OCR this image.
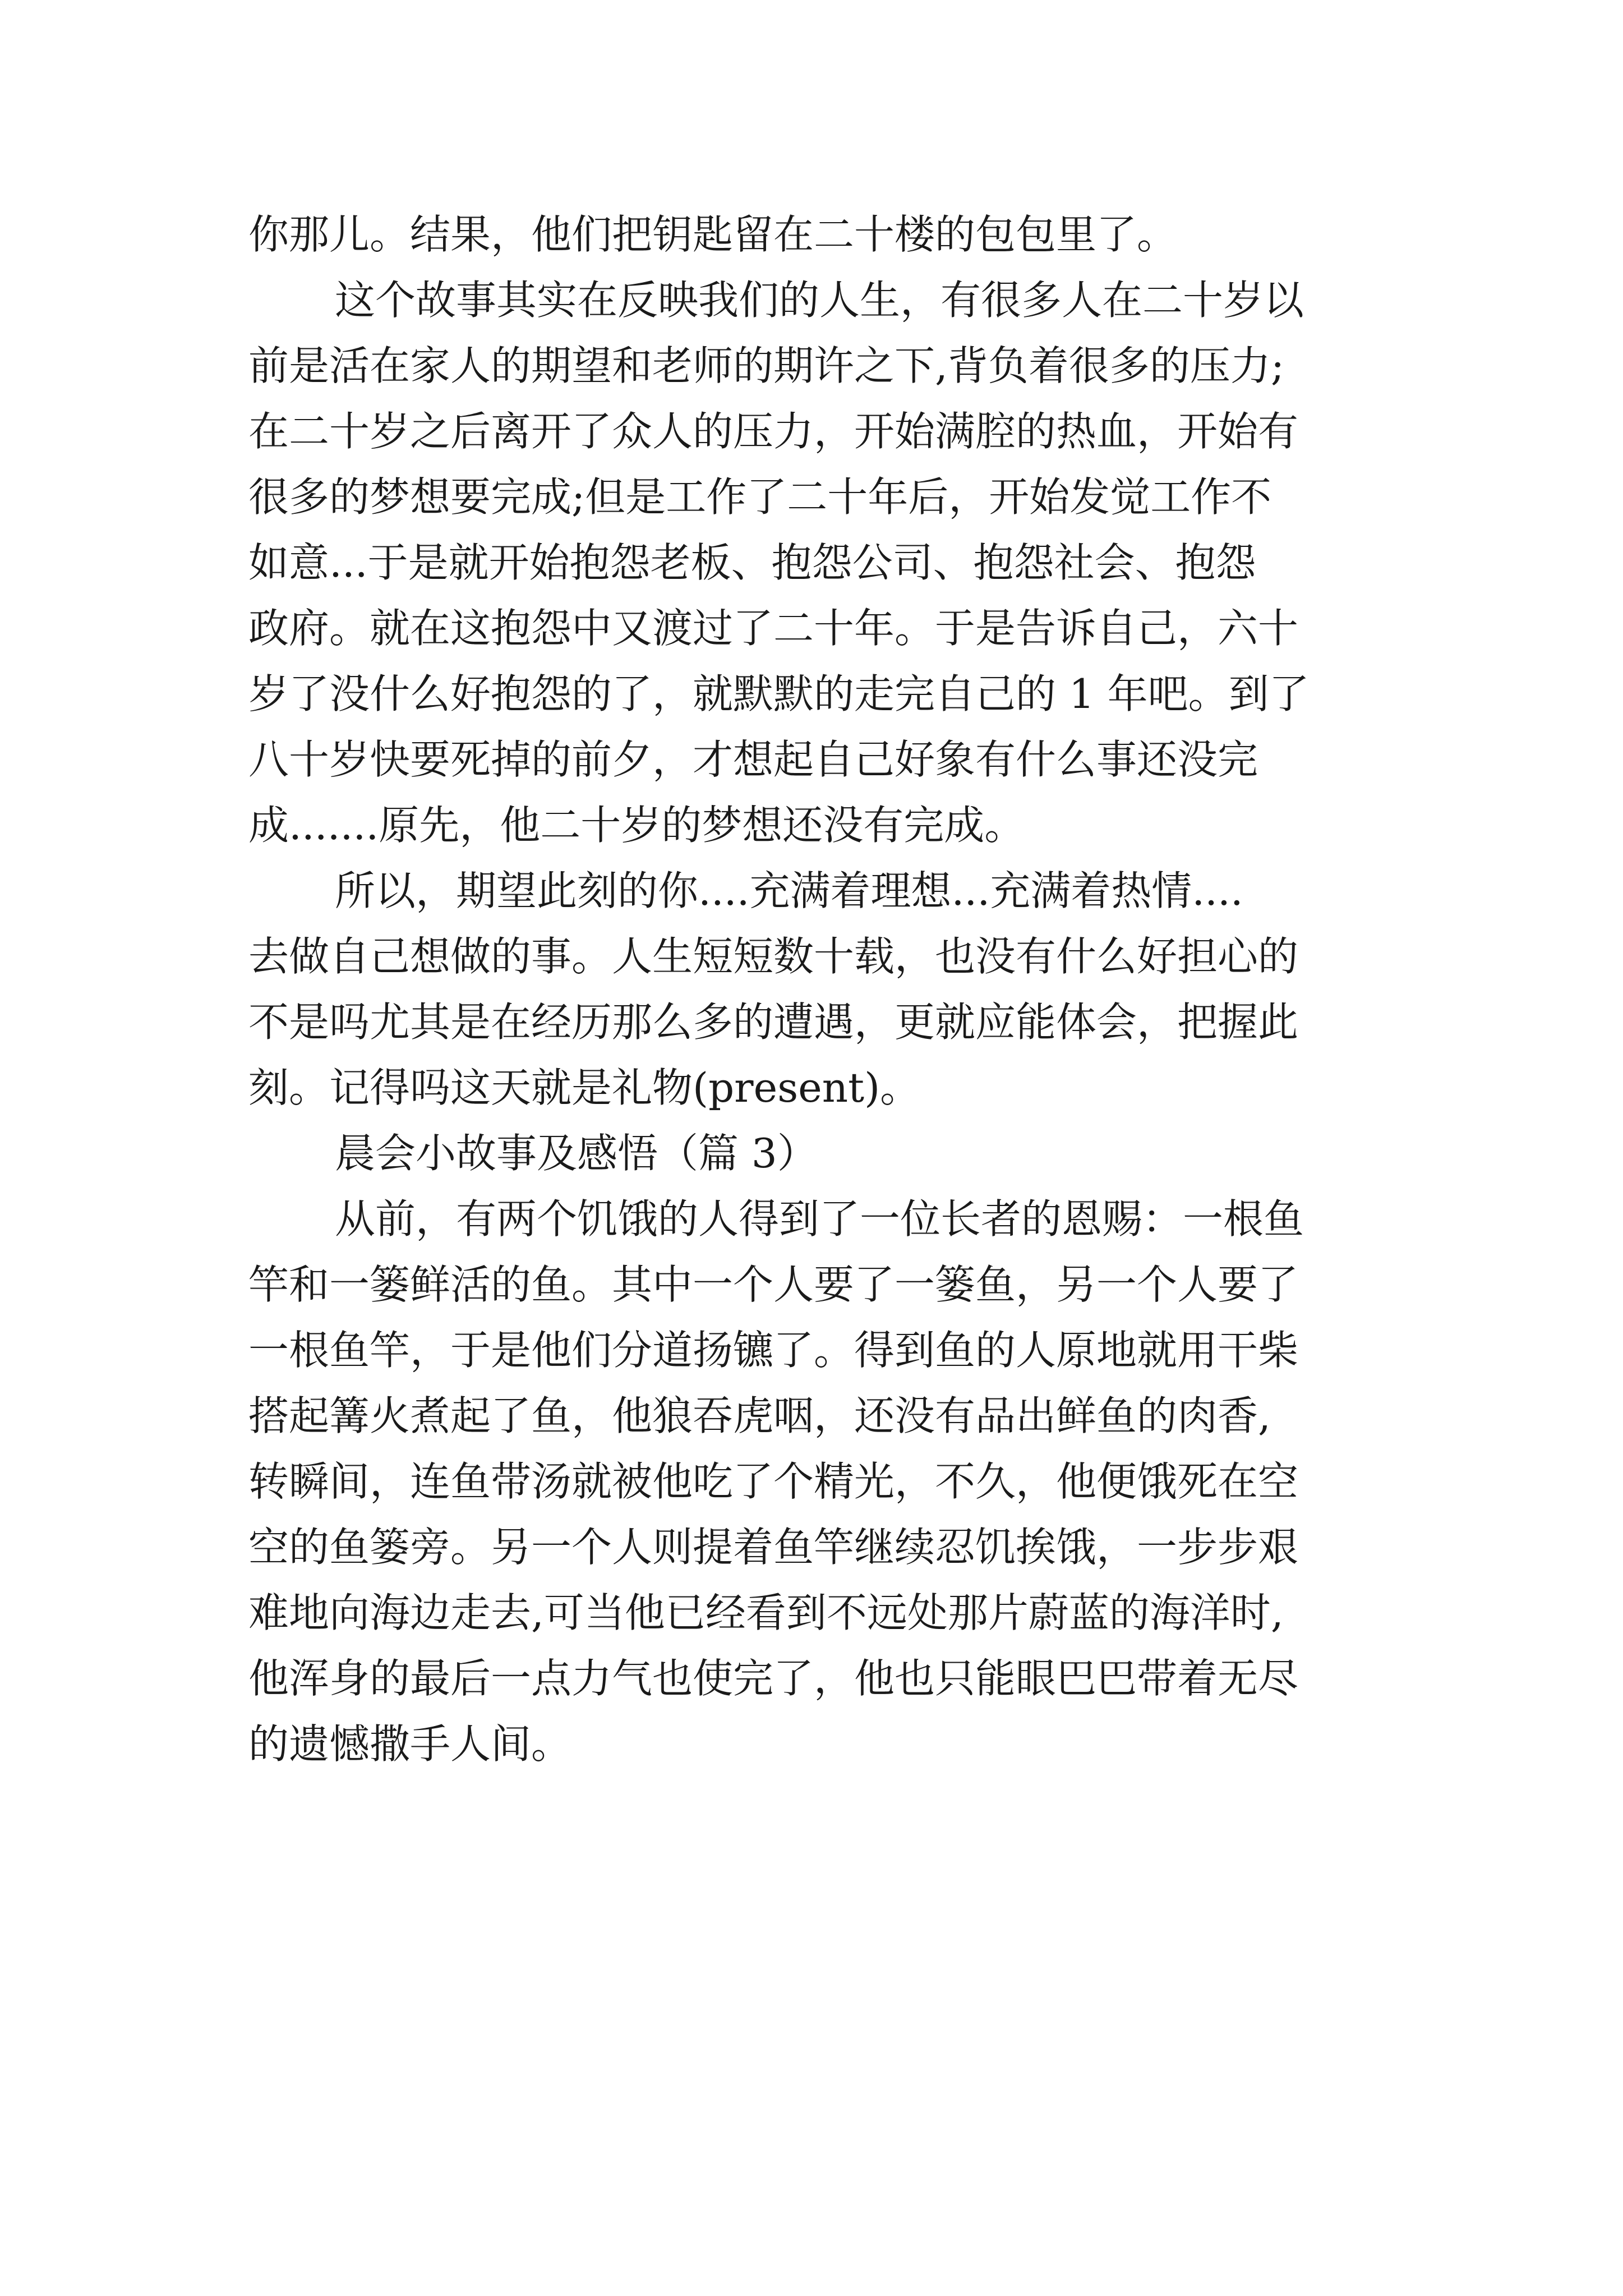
你那儿。结果，他们把钥匙留在二十楼的包包里了。
这个故事其实在反映我们的人生，有很多人在二十岁以
前是活在家人的期望和老师的期许之下,背负着很多的压力;
在二十岁之后离开了众人的压力，开始满腔的热血，开始有
很多的梦想要完成;但是工作了二十年后，开始发觉工作不
如意...于是就开始抱怨老板、抱怨公司、抱怨社会、抱怨
政府。就在这抱怨中又渡过了二十年。于是告诉自己，六十
岁了没什么好抱怨的了，就默默的走完自己的 1 年吧。到了
八十岁快要死掉的前夕，才想起自己好象有什么事还没完
成.......原先，他二十岁的梦想还没有完成。
所以，期望此刻的你....充满着理想...充满着热情....
去做自己想做的事。人生短短数十载，也没有什么好担心的
不是吗尤其是在经历那么多的遭遇，更就应能体会，把握此
刻。记得吗这天就是礼物(present)。
晨会小故事及感悟（篇 3）
从前，有两个饥饿的人得到了一位长者的恩赐：一根鱼
竿和一篓鲜活的鱼。其中一个人要了一篓鱼，另一个人要了
一根鱼竿，于是他们分道扬镳了。得到鱼的人原地就用干柴
搭起篝火煮起了鱼，他狼吞虎咽，还没有品出鲜鱼的肉香,
转瞬间，连鱼带汤就被他吃了个精光，不久，他便饿死在空
空的鱼篓旁。另一个人则提着鱼竿继续忍饥挨饿，一步步艰
难地向海边走去,可当他已经看到不远处那片蔚蓝的海洋时,
他浑身的最后一点力气也使完了，他也只能眼巴巴带着无尽
的遗憾撒手人间。
